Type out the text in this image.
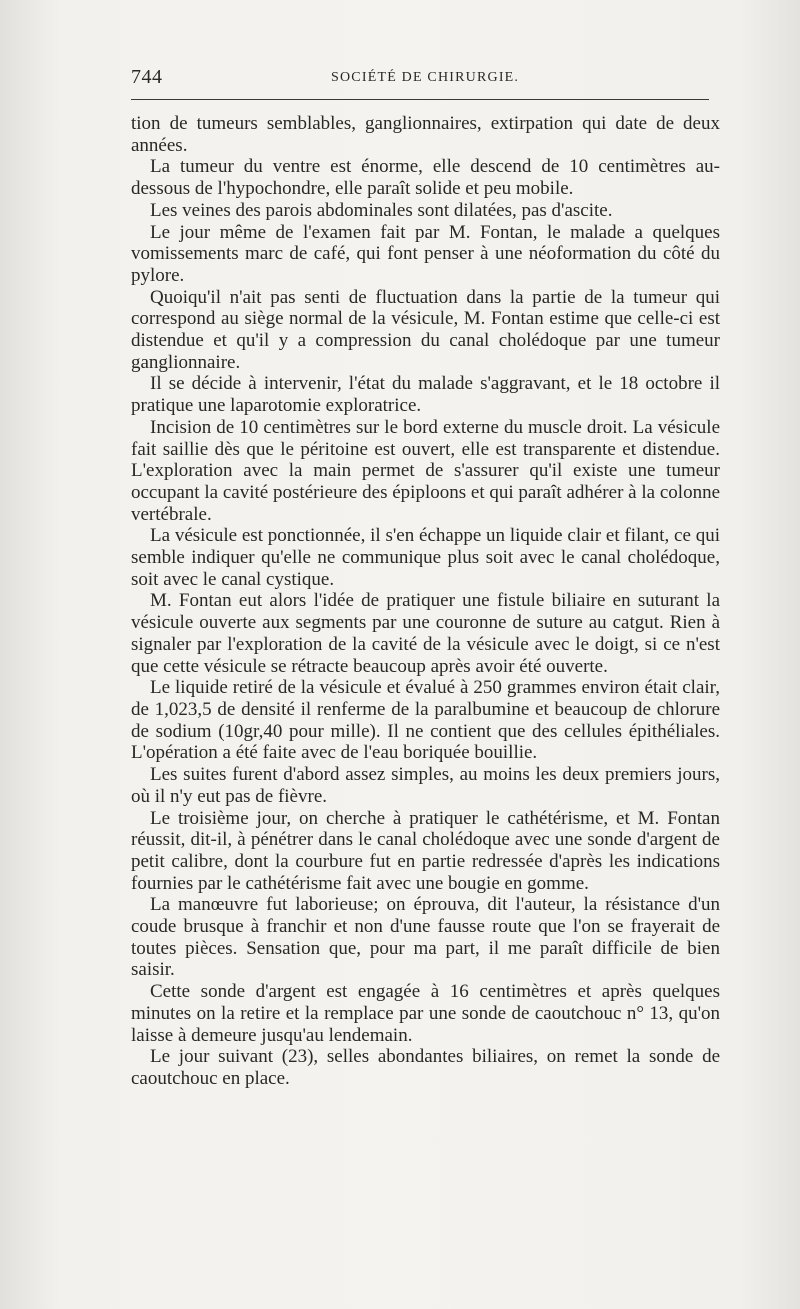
744	SOCIÉTÉ DE CHIRURGIE.

tion de tumeurs semblables, ganglionnaires, extirpation qui date de deux années.

La tumeur du ventre est énorme, elle descend de 10 centimètres au-dessous de l'hypochondre, elle paraît solide et peu mobile.

Les veines des parois abdominales sont dilatées, pas d'ascite.

Le jour même de l'examen fait par M. Fontan, le malade a quelques vomissements marc de café, qui font penser à une néoformation du côté du pylore.

Quoiqu'il n'ait pas senti de fluctuation dans la partie de la tumeur qui correspond au siège normal de la vésicule, M. Fontan estime que celle-ci est distendue et qu'il y a compression du canal cholédoque par une tumeur ganglionnaire.

Il se décide à intervenir, l'état du malade s'aggravant, et le 18 octobre il pratique une laparotomie exploratrice.

Incision de 10 centimètres sur le bord externe du muscle droit. La vésicule fait saillie dès que le péritoine est ouvert, elle est transparente et distendue. L'exploration avec la main permet de s'assurer qu'il existe une tumeur occupant la cavité postérieure des épiploons et qui paraît adhérer à la colonne vertébrale.

La vésicule est ponctionnée, il s'en échappe un liquide clair et filant, ce qui semble indiquer qu'elle ne communique plus soit avec le canal cholédoque, soit avec le canal cystique.

M. Fontan eut alors l'idée de pratiquer une fistule biliaire en suturant la vésicule ouverte aux segments par une couronne de suture au catgut. Rien à signaler par l'exploration de la cavité de la vésicule avec le doigt, si ce n'est que cette vésicule se rétracte beaucoup après avoir été ouverte.

Le liquide retiré de la vésicule et évalué à 250 grammes environ était clair, de 1,023,5 de densité il renferme de la paralbumine et beaucoup de chlorure de sodium (10gr,40 pour mille). Il ne contient que des cellules épithéliales. L'opération a été faite avec de l'eau boriquée bouillie.

Les suites furent d'abord assez simples, au moins les deux premiers jours, où il n'y eut pas de fièvre.

Le troisième jour, on cherche à pratiquer le cathétérisme, et M. Fontan réussit, dit-il, à pénétrer dans le canal cholédoque avec une sonde d'argent de petit calibre, dont la courbure fut en partie redressée d'après les indications fournies par le cathétérisme fait avec une bougie en gomme.

La manœuvre fut laborieuse; on éprouva, dit l'auteur, la résistance d'un coude brusque à franchir et non d'une fausse route que l'on se frayerait de toutes pièces. Sensation que, pour ma part, il me paraît difficile de bien saisir.

Cette sonde d'argent est engagée à 16 centimètres et après quelques minutes on la retire et la remplace par une sonde de caoutchouc n° 13, qu'on laisse à demeure jusqu'au lendemain.

Le jour suivant (23), selles abondantes biliaires, on remet la sonde de caoutchouc en place.
